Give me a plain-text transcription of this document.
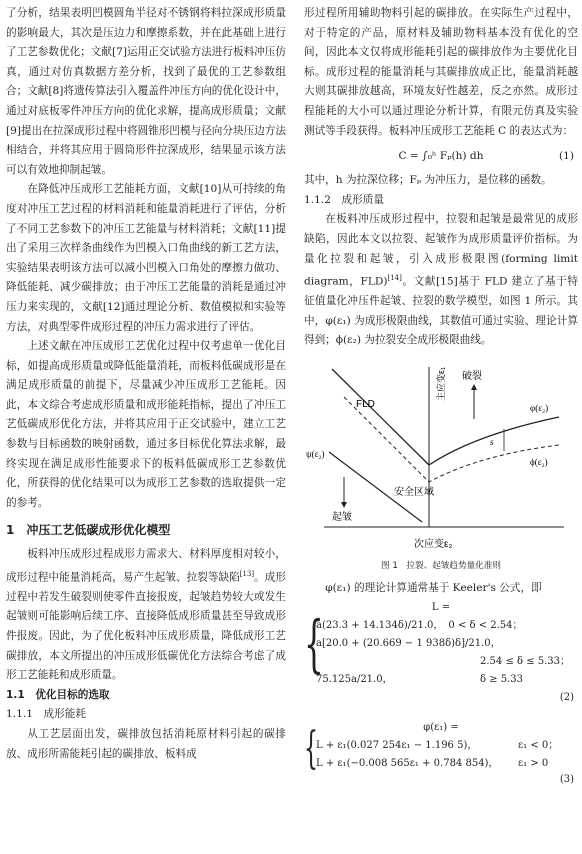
了分析，结果表明凹模圆角半径对不锈钢将料拉深成形质量的影响最大，其次是压边力和摩擦系数，并在此基础上进行了工艺参数优化；文献[7]运用正交试验方法进行板料冲压仿真，通过对仿真数据方差分析，找到了最优的工艺参数组合；文献[8]将遗传算法引入覆盖件冲压方向的优化设计中，通过对底板零件冲压方向的优化求解，提高成形质量；文献[9]提出在拉深成形过程中将圆锥形凹模与径向分块压边方法相结合，并将其应用于圆筒形件拉深成形，结果显示该方法可以有效地抑制起皱。

在降低冲压成形工艺能耗方面，文献[10]从可持续的角度对冲压工艺过程的材料消耗和能量消耗进行了评估，分析了不同工艺参数下的冲压工艺能量与材料消耗；文献[11]提出了采用三次样条曲线作为凹模入口角曲线的新工艺方法，实验结果表明该方法可以减小凹模入口角处的摩擦力做功、降低能耗、减少碳排放；由于冲压工艺能量的消耗是通过冲压力来实现的，文献[12]通过理论分析、数值模拟和实验等方法，对典型零件成形过程的冲压力需求进行了评估。

上述文献在冲压成形工艺优化过程中仅考虑单一优化目标，如提高成形质量或降低能量消耗，而板料低碳成形是在满足成形质量的前提下，尽量减少冲压成形工艺能耗。因此，本文综合考虑成形质量和成形能耗指标，提出了冲压工艺低碳成形优化方法，并将其应用于正交试验中，建立工艺参数与目标函数的映射函数，通过多目标优化算法求解，最终实现在满足成形性能要求下的板料低碳成形工艺参数优化，所获得的优化结果可以为成形工艺参数的选取提供一定的参考。

1　冲压工艺低碳成形优化模型

板料冲压成形过程成形力需求大、材料厚度相对较小，成形过程中能量消耗高，易产生起皱、拉裂等缺陷[13]。成形过程中若发生破裂则使零件直接报废，起皱趋势较大或发生起皱则可能影响后续工序、直接降低成形质量甚至导致成形件报废。因此，为了优化板料冲压成形质量，降低成形工艺碳排放，本文所提出的冲压成形低碳优化方法综合考虑了成形工艺能耗和成形质量。

1.1　优化目标的选取
1.1.1　成形能耗

从工艺层面出发，碳排放包括消耗原材料引起的碳排放、成形所需能耗引起的碳排放、板料成

形过程所用辅助物料引起的碳排放。在实际生产过程中，对于特定的产品，原材料及辅助物料基本没有优化的空间，因此本文仅将成形能耗引起的碳排放作为主要优化目标。成形过程的能量消耗与其碳排放成正比，能量消耗越大则其碳排放越高，环境友好性越差，反之亦然。成形过程能耗的大小可以通过理论分析计算，有限元仿真及实验测试等手段获得。板料冲压成形工艺能耗 C 的表达式为：

C = ∫₀ʰ Fₚ(h) dh	(1)

其中，h 为拉深位移；Fₚ 为冲压力，是位移的函数。

1.1.2　成形质量

在板料冲压成形过程中，拉裂和起皱是最常见的成形缺陷，因此本文以拉裂、起皱作为成形质量评价指标。为量化拉裂和起皱，引入成形极限图(forming limit diagram，FLD)[14]。文献[15]基于 FLD 建立了基于特征值量化冲压件起皱、拉裂的数学模型，如图 1 所示。其中，φ(ε₁) 为成形极限曲线，其数值可通过实验、理论计算得到；ϕ(ε₂) 为拉裂安全成形极限曲线。

FLD
主应变ε₁ 破裂
安全区域
s
φ(ε₂)
ϕ(ε₂)
ψ(ε₂)
起皱
次应变ε₂
图 1　拉裂、起皱趋势量化准则

φ(ε₁) 的理论计算通常基于 Keeler's 公式，即

L =
{
a(23.3 + 14.134δ)/21.0，　0 < δ < 2.54；
a[20.0 + (20.669 − 1 938δ)δ]/21.0，
2.54 ≤ δ ≤ 5.33；
75.125a/21.0，	δ ≥ 5.33
(2)
φ(ε₁) =
{
L + ε₁(0.027 254ε₁ − 1.196 5)，	ε₁ < 0；
L + ε₁(−0.008 565ε₁ + 0.784 854)， ε₁ > 0
(3)
